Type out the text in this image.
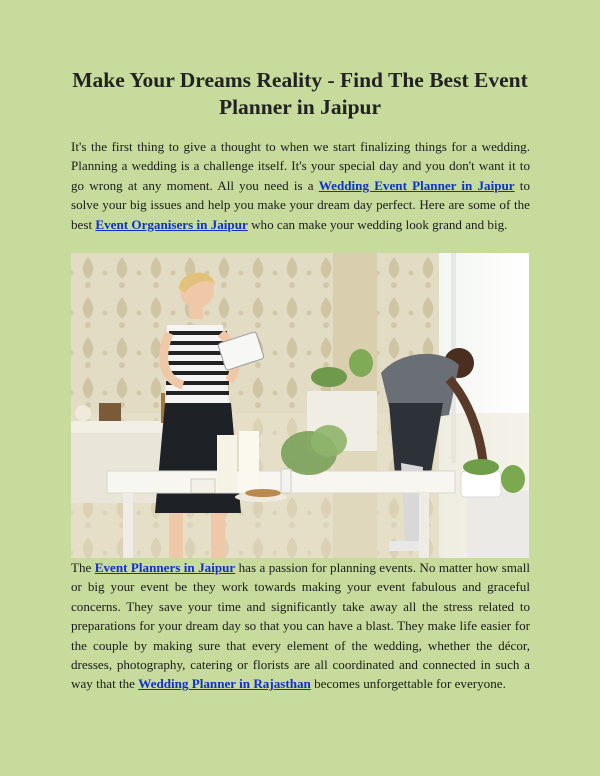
Make Your Dreams Reality - Find The Best Event Planner in Jaipur

It's the first thing to give a thought to when we start finalizing things for a wedding. Planning a wedding is a challenge itself. It's your special day and you don't want it to go wrong at any moment. All you need is a Wedding Event Planner in Jaipur to solve your big issues and help you make your dream day perfect. Here are some of the best Event Organisers in Jaipur who can make your wedding look grand and big.

The Event Planners in Jaipur has a passion for planning events. No matter how small or big your event be they work towards making your event fabulous and graceful concerns. They save your time and significantly take away all the stress related to preparations for your dream day so that you can have a blast. They make life easier for the couple by making sure that every element of the wedding, whether the décor, dresses, photography, catering or florists are all coordinated and connected in such a way that the Wedding Planner in Rajasthan becomes unforgettable for everyone.
